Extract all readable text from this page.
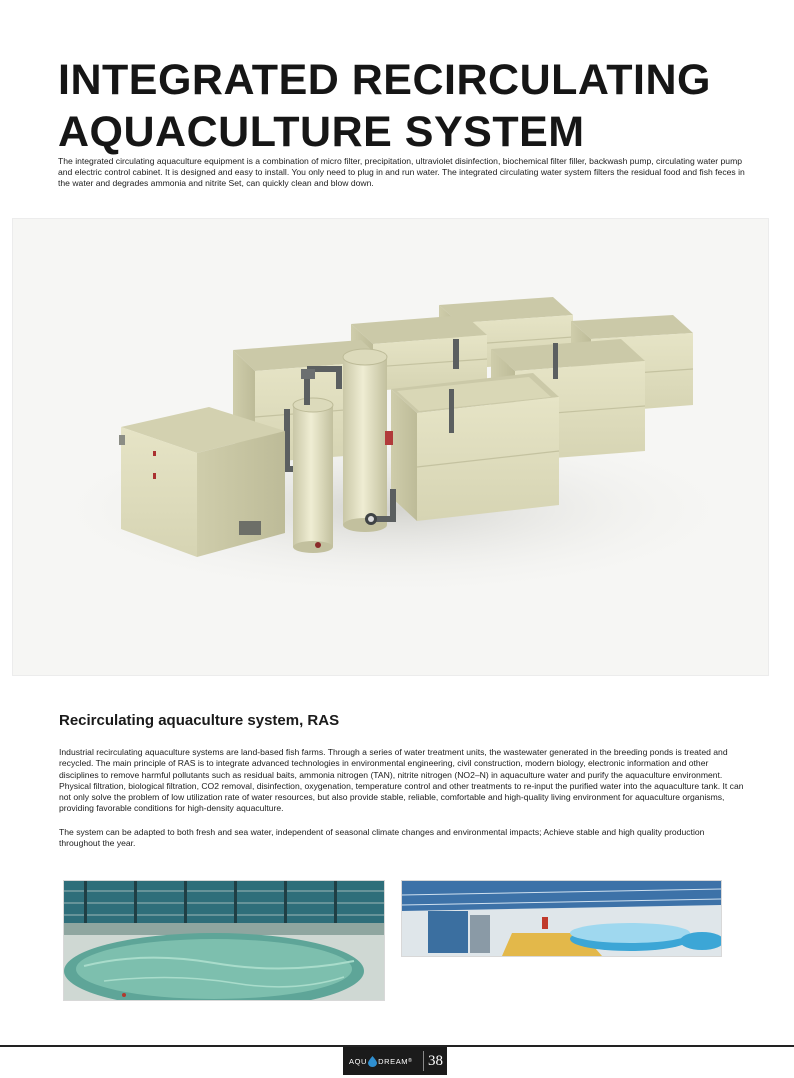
INTEGRATED RECIRCULATING
AQUACULTURE SYSTEM

The integrated circulating aquaculture equipment is a combination of micro filter, precipitation, ultraviolet disinfection, biochemical filter filler, backwash pump, circulating water pump and electric control cabinet. It is designed and easy to install. You only need to plug in and run water. The integrated circulating water system filters the residual food and fish feces in the water and degrades ammonia and nitrite Set, can quickly clean and blow down.

Recirculating aquaculture system, RAS

Industrial recirculating aquaculture systems are land-based fish farms. Through a series of water treatment units, the wastewater generated in the breeding ponds is treated and recycled. The main principle of RAS is to integrate advanced technologies in environmental engineering, civil construction, modern biology, electronic information and other disciplines to remove harmful pollutants such as residual baits, ammonia nitrogen (TAN), nitrite nitrogen (NO2–N) in aquaculture water and purify the aquaculture environment. Physical filtration, biological filtration, CO2 removal, disinfection, oxygenation, temperature control and other treatments to re-input the purified water into the aquaculture tank. It can not only solve the problem of low utilization rate of water resources, but also provide stable, reliable, comfortable and high-quality living environment for aquaculture organisms, providing favorable conditions for high-density aquaculture.

The system can be adapted to both fresh and sea water, independent of seasonal climate changes and environmental impacts; Achieve stable and high quality production throughout the year.

AQU DREAM ® 38
